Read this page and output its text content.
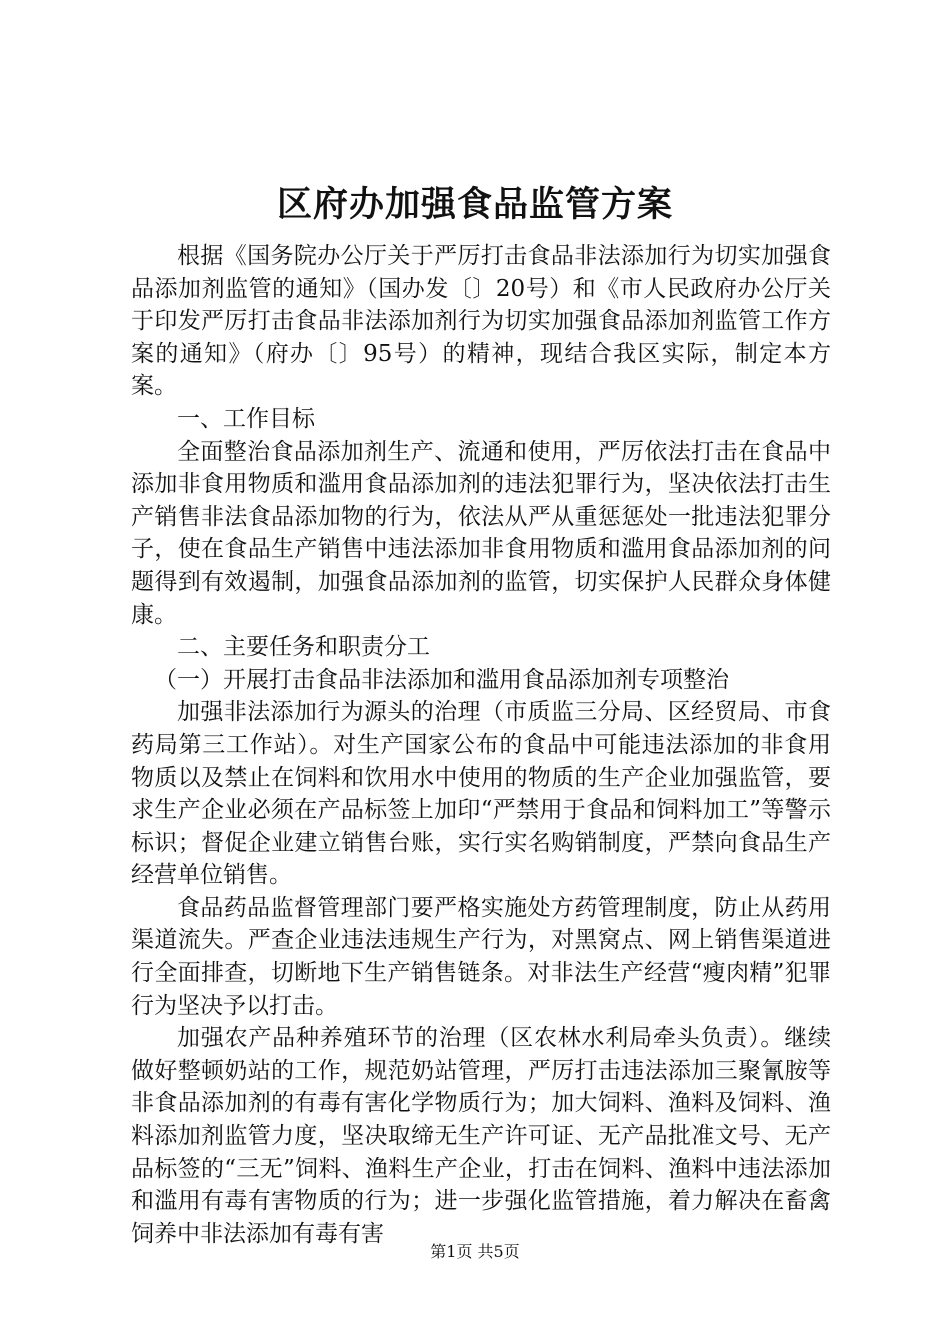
区府办加强食品监管方案

根据《国务院办公厅关于严厉打击食品非法添加行为切实加强食品添加剂监管的通知》（国办发〔〕20号）和《市人民政府办公厅关于印发严厉打击食品非法添加剂行为切实加强食品添加剂监管工作方案的通知》（府办〔〕95号）的精神，现结合我区实际，制定本方案。

一、工作目标

全面整治食品添加剂生产、流通和使用，严厉依法打击在食品中添加非食用物质和滥用食品添加剂的违法犯罪行为，坚决依法打击生产销售非法食品添加物的行为，依法从严从重惩惩处一批违法犯罪分子，使在食品生产销售中违法添加非食用物质和滥用食品添加剂的问题得到有效遏制，加强食品添加剂的监管，切实保护人民群众身体健康。

二、主要任务和职责分工

（一）开展打击食品非法添加和滥用食品添加剂专项整治

加强非法添加行为源头的治理（市质监三分局、区经贸局、市食药局第三工作站）。对生产国家公布的食品中可能违法添加的非食用物质以及禁止在饲料和饮用水中使用的物质的生产企业加强监管，要求生产企业必须在产品标签上加印“严禁用于食品和饲料加工”等警示标识；督促企业建立销售台账，实行实名购销制度，严禁向食品生产经营单位销售。

食品药品监督管理部门要严格实施处方药管理制度，防止从药用渠道流失。严查企业违法违规生产行为，对黑窝点、网上销售渠道进行全面排查，切断地下生产销售链条。对非法生产经营“瘦肉精”犯罪行为坚决予以打击。

加强农产品种养殖环节的治理（区农林水利局牵头负责）。继续做好整顿奶站的工作，规范奶站管理，严厉打击违法添加三聚氰胺等非食品添加剂的有毒有害化学物质行为；加大饲料、渔料及饲料、渔料添加剂监管力度，坚决取缔无生产许可证、无产品批准文号、无产品标签的“三无”饲料、渔料生产企业，打击在饲料、渔料中违法添加和滥用有毒有害物质的行为；进一步强化监管措施，着力解决在畜禽饲养中非法添加有毒有害

第1页 共5页
